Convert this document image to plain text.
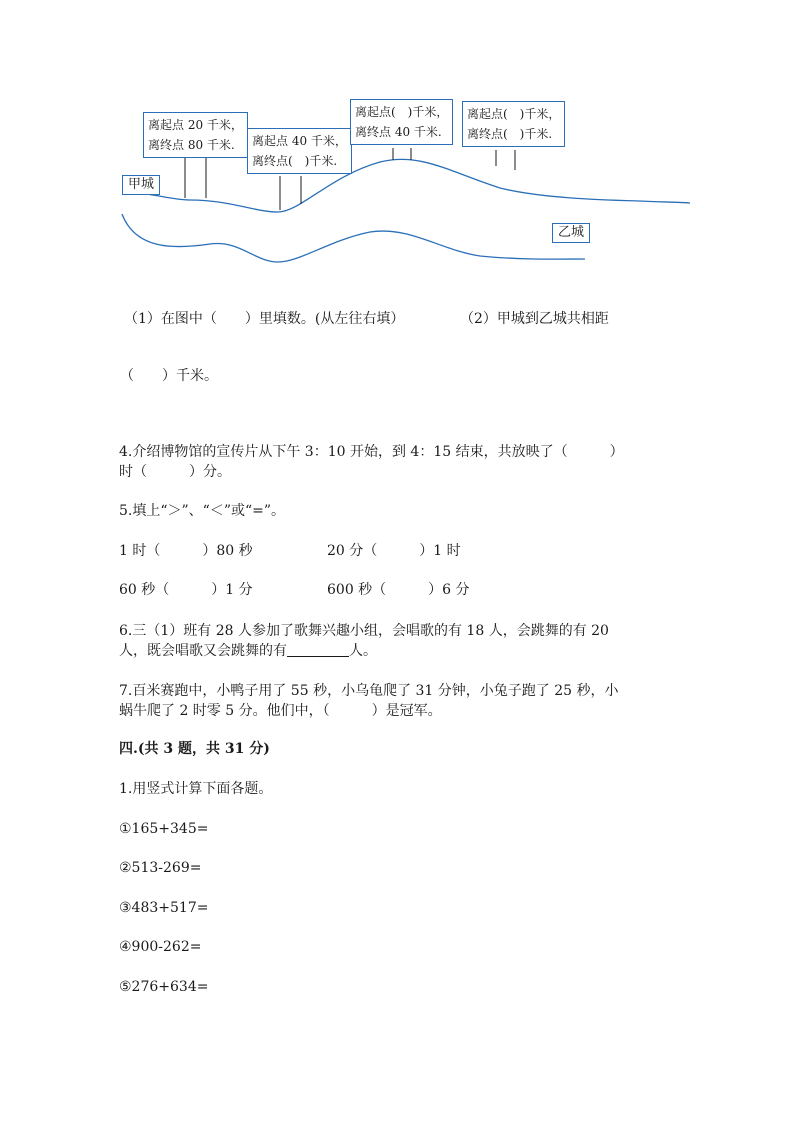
离起点 20 千米，
离终点 80 千米.	离起点 40 千米，
离终点(　)千米.
离起点(　)千米，
离终点 40 千米.
离起点(　)千米，
离终点(　)千米.
甲城
乙城
（1）在图中（　　）里填数。(从左往右填）	（2）甲城到乙城共相距
（　　）千米。
4.介绍博物馆的宣传片从下午 3：10 开始，到 4：15 结束，共放映了（　　　）
时（　　　）分。
5.填上“＞”、“＜”或“=”。
1 时（　　　）80 秒	20 分（　　　）1 时
60 秒（　　　）1 分	600 秒（　　　）6 分
6.三（1）班有 28 人参加了歌舞兴趣小组，会唱歌的有 18 人，会跳舞的有 20
人，既会唱歌又会跳舞的有	人。
7.百米赛跑中，小鸭子用了 55 秒，小乌龟爬了 31 分钟，小兔子跑了 25 秒，小
蜗牛爬了 2 时零 5 分。他们中，（　　　）是冠军。
四.(共 3 题，共 31 分)
1.用竖式计算下面各题。
①165+345=
②513-269=
③483+517=
④900-262=
⑤276+634=
